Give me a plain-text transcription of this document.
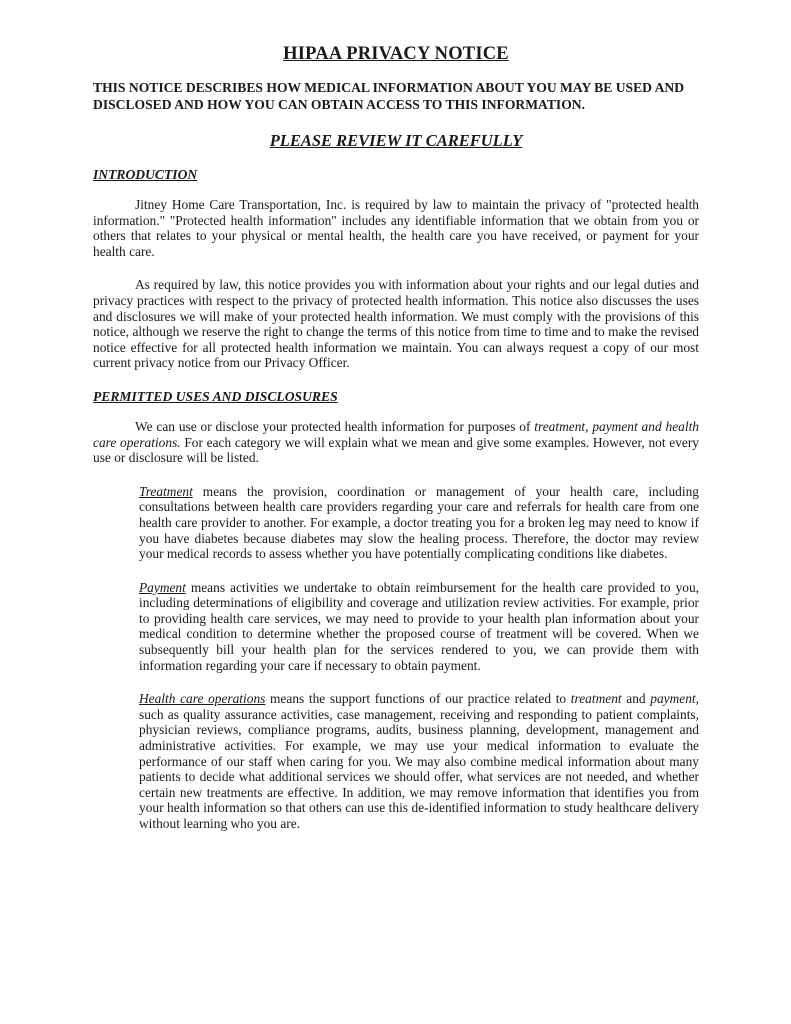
HIPAA PRIVACY NOTICE
THIS NOTICE DESCRIBES HOW MEDICAL INFORMATION ABOUT YOU MAY BE USED AND DISCLOSED AND HOW YOU CAN OBTAIN ACCESS TO THIS INFORMATION.
PLEASE REVIEW IT CAREFULLY
INTRODUCTION

Jitney Home Care Transportation, Inc. is required by law to maintain the privacy of "protected health information." "Protected health information" includes any identifiable information that we obtain from you or others that relates to your physical or mental health, the health care you have received, or payment for your health care.

As required by law, this notice provides you with information about your rights and our legal duties and privacy practices with respect to the privacy of protected health information. This notice also discusses the uses and disclosures we will make of your protected health information. We must comply with the provisions of this notice, although we reserve the right to change the terms of this notice from time to time and to make the revised notice effective for all protected health information we maintain. You can always request a copy of our most current privacy notice from our Privacy Officer.

PERMITTED USES AND DISCLOSURES

We can use or disclose your protected health information for purposes of treatment, payment and health care operations. For each category we will explain what we mean and give some examples. However, not every use or disclosure will be listed.

Treatment means the provision, coordination or management of your health care, including consultations between health care providers regarding your care and referrals for health care from one health care provider to another. For example, a doctor treating you for a broken leg may need to know if you have diabetes because diabetes may slow the healing process. Therefore, the doctor may review your medical records to assess whether you have potentially complicating conditions like diabetes.

Payment means activities we undertake to obtain reimbursement for the health care provided to you, including determinations of eligibility and coverage and utilization review activities. For example, prior to providing health care services, we may need to provide to your health plan information about your medical condition to determine whether the proposed course of treatment will be covered. When we subsequently bill your health plan for the services rendered to you, we can provide them with information regarding your care if necessary to obtain payment.

Health care operations means the support functions of our practice related to treatment and payment, such as quality assurance activities, case management, receiving and responding to patient complaints, physician reviews, compliance programs, audits, business planning, development, management and administrative activities. For example, we may use your medical information to evaluate the performance of our staff when caring for you. We may also combine medical information about many patients to decide what additional services we should offer, what services are not needed, and whether certain new treatments are effective. In addition, we may remove information that identifies you from your health information so that others can use this de-identified information to study healthcare delivery without learning who you are.
